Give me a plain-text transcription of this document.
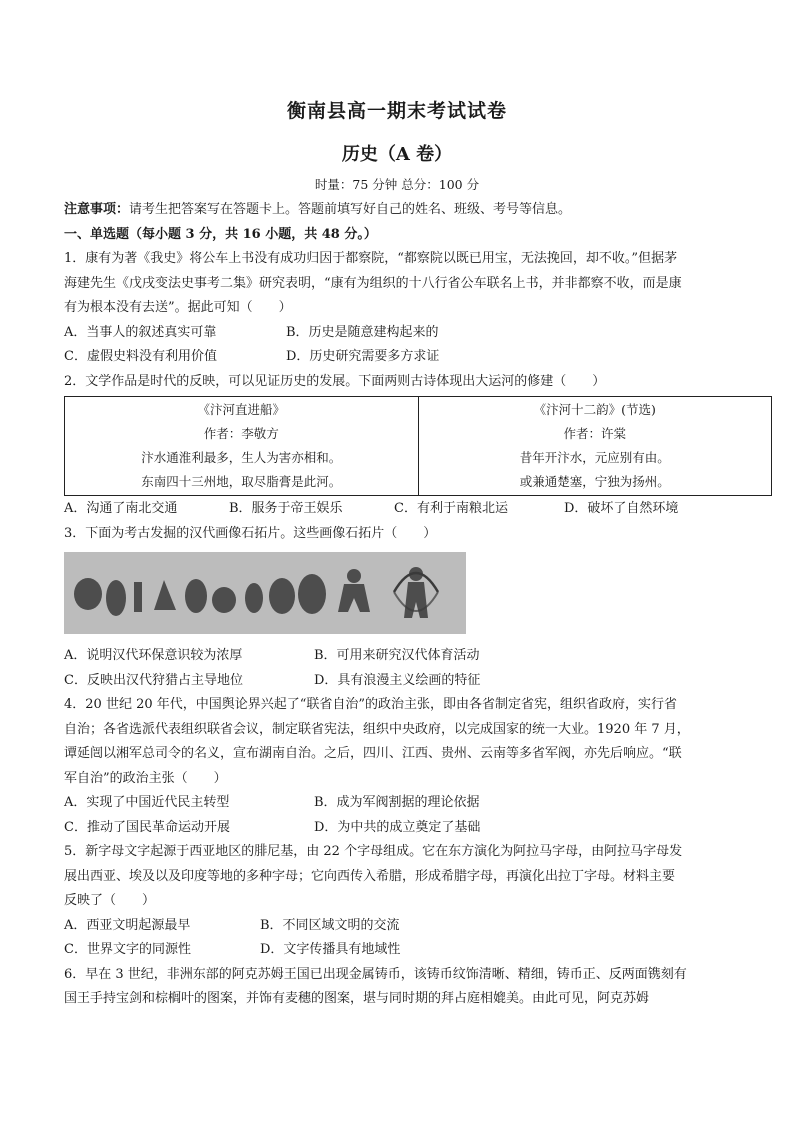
衡南县高一期末考试试卷
历史（A 卷）
时量：75 分钟 总分：100 分

注意事项：请考生把答案写在答题卡上。答题前填写好自己的姓名、班级、考号等信息。

一、单选题（每小题 3 分，共 16 小题，共 48 分。）

1．康有为著《我史》将公车上书没有成功归因于都察院，“都察院以既已用宝，无法挽回，却不收。”但据茅

海建先生《戊戌变法史事考二集》研究表明，“康有为组织的十八行省公车联名上书，并非都察不收，而是康

有为根本没有去送”。据此可知（　　）

A．当事人的叙述真实可靠	B．历史是随意建构起来的
C．虚假史料没有利用价值	D．历史研究需要多方求证

2．文学作品是时代的反映，可以见证历史的发展。下面两则古诗体现出大运河的修建（　　）

《汴河直进船》
作者：李敬方
汴水通淮利最多，生人为害亦相和。
东南四十三州地，取尽脂膏是此河。

《汴河十二韵》(节选)
作者：许棠
昔年开汴水，元应别有由。
或兼通楚塞，宁独为扬州。
A．沟通了南北交通	B．服务于帝王娱乐	C．有利于南粮北运	D．破坏了自然环境

3．下面为考古发掘的汉代画像石拓片。这些画像石拓片（　　）

A．说明汉代环保意识较为浓厚	B．可用来研究汉代体育活动
C．反映出汉代狩猎占主导地位	D．具有浪漫主义绘画的特征

4．20 世纪 20 年代，中国舆论界兴起了“联省自治”的政治主张，即由各省制定省宪，组织省政府，实行省

自治；各省选派代表组织联省会议，制定联省宪法，组织中央政府，以完成国家的统一大业。1920 年 7 月，

谭延闿以湘军总司令的名义，宣布湖南自治。之后，四川、江西、贵州、云南等多省军阀，亦先后响应。“联

军自治”的政治主张（　　）

A．实现了中国近代民主转型	B．成为军阀割据的理论依据
C．推动了国民革命运动开展	D．为中共的成立奠定了基础

5．新字母文字起源于西亚地区的腓尼基，由 22 个字母组成。它在东方演化为阿拉马字母，由阿拉马字母发

展出西亚、埃及以及印度等地的多种字母；它向西传入希腊，形成希腊字母，再演化出拉丁字母。材料主要

反映了（　　）

A．西亚文明起源最早	B．不同区域文明的交流
C．世界文字的同源性	D．文字传播具有地域性

6．早在 3 世纪，非洲东部的阿克苏姆王国已出现金属铸币，该铸币纹饰清晰、精细，铸币正、反两面镌刻有

国王手持宝剑和棕榈叶的图案，并饰有麦穗的图案，堪与同时期的拜占庭相媲美。由此可见，阿克苏姆
